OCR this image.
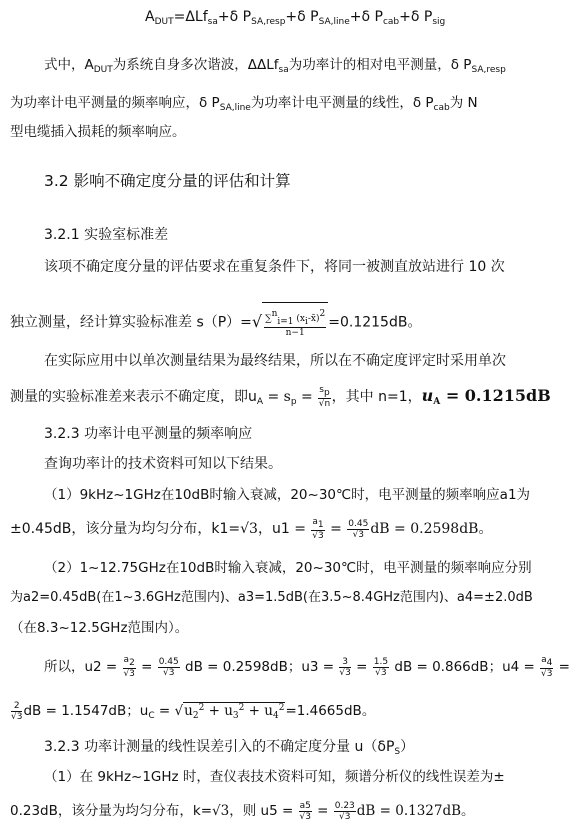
$A_{DUT}=\Delta Lf_{sa}+\delta$ $P_{SA,resp}+\delta$ $P_{SA,line}+\delta$ $P_{cab}+\delta$ $P_{sig}$
式中，$A_{DUT}$为系统自身多次谐波，ΔΔLf$_{sa}$为功率计的相对电平测量，δ $P_{SA,resp}$
为功率计电平测量的频率响应，δ $P_{SA,line}$为功率计电平测量的线性，δ $P_{cab}$为 N
型电缆插入损耗的频率响应。
3.2 影响不确定度分量的评估和计算
3.2.1 实验室标准差
该项不确定度分量的评估要求在重复条件下，将同一被测直放站进行 10 次
独立测量，经计算实验标准差 $s(P)=√ \frac{\sum ni=1 (xi-x̄)2}{n-1} =0.1215dB$。
在实际应用中以单次测量结果为最终结果，所以在不确定度评定时采用单次
测量的实验标准差来表示不确定度，即$u_A = s_p = \frac{sp}{√n}$ ，其中 n=1，$u_A = 0.1215dB$
3.2.3 功率计电平测量的频率响应
查询功率计的技术资料可知以下结果。
（1）9kHz~1GHz在10dB时输入衰减，20~30℃时，电平测量的频率响应a1为
±0.45dB，该分量为均匀分布，k1=√3，$u1 = \frac{a1}{√3} = \frac{0.45}{√3}$ dB = 0.2598dB。
（2）1~12.75GHz在10dB时输入衰减，20~30℃时，电平测量的频率响应分别
为a2=0.45dB(在1~3.6GHz范围内)、a3=1.5dB(在3.5~8.4GHz范围内)、a4=±2.0dB
（在8.3~12.5GHz范围内）。
所以，$u2 = \frac{a2}{√3} = \frac{0.45}{√3}$ dB = 0.2598dB；$u3 = \frac{3}{√3} = \frac{1.5}{√3}$ dB = 0.866dB；$u4 = \frac{a4}{√3}$ =
$\frac{2}{√3}$ dB = 1.1547dB；$u_C = √u_2^2 + u_3^2 + u_4^2=1.4665dB$。
3.2.3 功率计测量的线性误差引入的不确定度分量 $u(\delta P_S)$
（1）在 9kHz~1GHz 时，查仪表技术资料可知，频谱分析仪的线性误差为±
0.23dB，该分量为均匀分布，k=√3，则 $u5 = \frac{a5}{√3} = \frac{0.23}{√3}$ dB = 0.1327dB。
